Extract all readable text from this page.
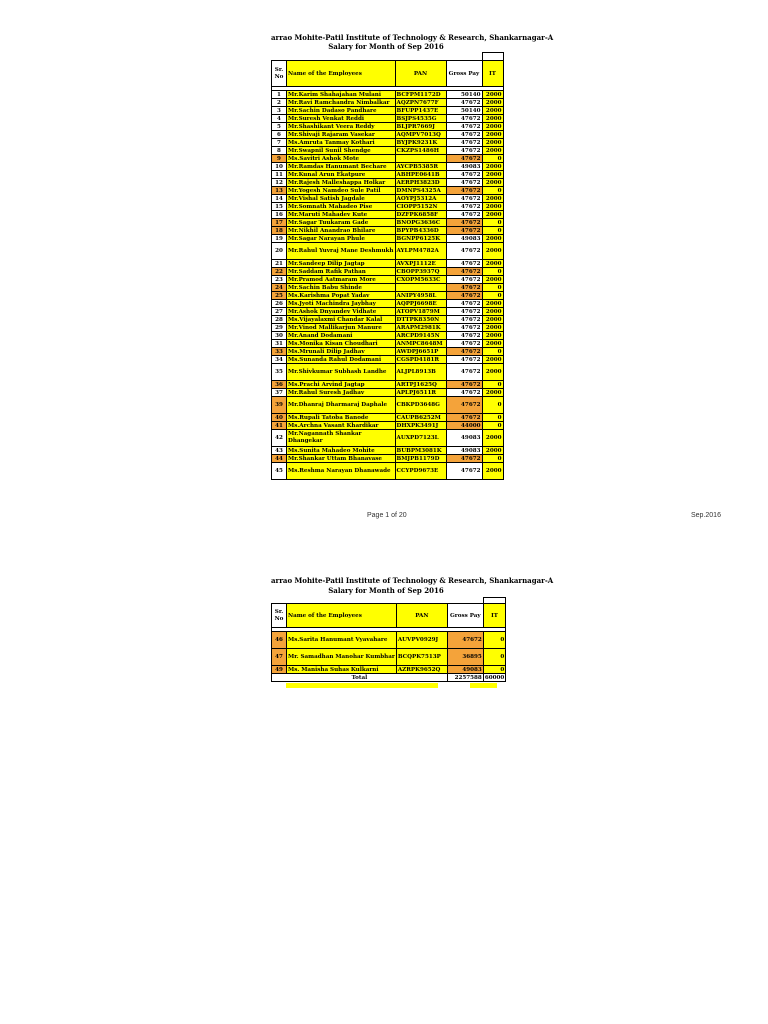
arrao Mohite-Patil Institute of Technology & Research, Shankarnagar-A
Salary for Month of Sep 2016

Sr. No	Name of the Employees	PAN	Gross Pay	IT

1	Mr.Karim Shahajahan Mulani	BCFPM1172D	50140	2000
2	Mr.Ravi Ramchandra Nimbalkar	AQZPN7677F	47672	2000
3	Mr.Sachin Dadaso Pandhare	BFUPP1437E	50140	2000
4	Mr.Suresh Venkat Reddi	BSJPS4535G	47672	2000
5	Mr.Shashikant Veera Reddy	BLJPR7669J	47672	2000
6	Mr.Shivaji Rajaram Vasekar	AQMPV7013Q	47672	2000
7	Ms.Amruta Tanmay Kothari	BYJPK9231K	47672	2000
8	Mr.Swapnil Sunil Shendge	CKZPS1486H	47672	2000
9	Ms.Savitri Ashok Mote		47672	0
10	Mr.Ramdas Hanumant Bechare	AYCPB5385R	49083	2000
11	Mr.Kunal Arun Ekatpure	ABHPE0641B	47672	2000
12	Mr.Rajesh Malleshappa Holkar	AERPH3823D	47672	2000
13	Mr.Yogesh Namdeo Sule Patil	DMNPS4325A	47672	0
14	Mr.Vishal Satish Jagdale	AOYPJ5312A	47672	2000
15	Mr.Somnath Mahadeo Pise	CIOPP5152N	47672	2000
16	Mr.Maruti Mahadev Kute	DZFPK6858F	47672	2000
17	Mr.Sagar Tuukaram Gade	BNOPG3636C	47672	0
18	Mr.Nikhil Anandrao Bhilare	BPYPB4336D	47672	0
19	Mr.Sagar Narayan Phule	BGNPP6125K	49083	2000
20	Mr.Rahul Yuvraj Mane Deshmukh	AYLPM4782A	47672	2000
21	Mr.Sandeep Dilip Jagtap	AVXPJ1112E	47672	2000
22	Mr.Saddam Rafik Pathan	CBOPP3937Q	47672	0
23	Mr.Pramod Aatmaram More	CXOPM5633C	47672	2000
24	Mr.Sachin Babu Shinde		47672	0
25	Ms.Karishma Popat Yadav	ANIPY4958L	47672	0
26	Ms.Jyoti Machindra Jaybhay	AQPPJ6698E	47672	2000
27	Mr.Ashok Dnyandev Vidhate	ATOPV1879M	47672	2000
28	Ms.Vijayalaxmi Chandar Kalal	DTTPK8350N	47672	2000
29	Mr.Vinod Mallikarjun Manure	ARAPM2981K	47672	2000
30	Mr.Anand Dodamani	ARCPD9145N	47672	2000
31	Ms.Monika Kisan Choudhari	ANMPC8648M	47672	2000
33	Ms.Mrunali Dilip Jadhav	AWDPJ6651P	47672	0
34	Ms.Sunanda Rahul Dodamani	CGSPD4181R	47672	2000
35	Mr.Shivkumar Subhash Landhe	ALJPL8913B	47672	2000
36	Ms.Prachi Arvind Jagtap	ARTPJ1625Q	47672	0
37	Mr.Rahul Suresh Jadhav	APLPJ6511R	47672	2000
39	Mr.Dhanraj Dharmaraj Daphale	CBKPD3648G	47672	0
40	Ms.Rupali Tatoba Banode	CAUPB6252M	47672	0
41	Ms.Archna Vasant Khardikar	DHXPK3491J	44000	0
42	Mr.Nagannath Shankar Dhangekar	AUXPD7123L	49083	2000
43	Ms.Sunita Mahadeo Mohite	BUBPM3081K	49083	2000
44	Mr.Shankar Uttam Bhanavase	BMJPB1179D	47672	0
45	Ms.Reshma Narayan Dhanawade	CCYPD9673E	47672	2000
Page 1 of 20	Sep.2016
arrao Mohite-Patil Institute of Technology & Research, Shankarnagar-A
Salary for Month of Sep 2016

Sr. No	Name of the Employees	PAN	Gross Pay	IT

46	Ms.Sarita Hanumant Vyavahare	AUVPV0929J	47672	0
47	Mr. Samadhan Manohar Kumbhar	BCQPK7513P	36895	0
49	Ms. Manisha Suhas Kulkarni	AZRPK9652Q	49083	0
Total			2257588	60000
